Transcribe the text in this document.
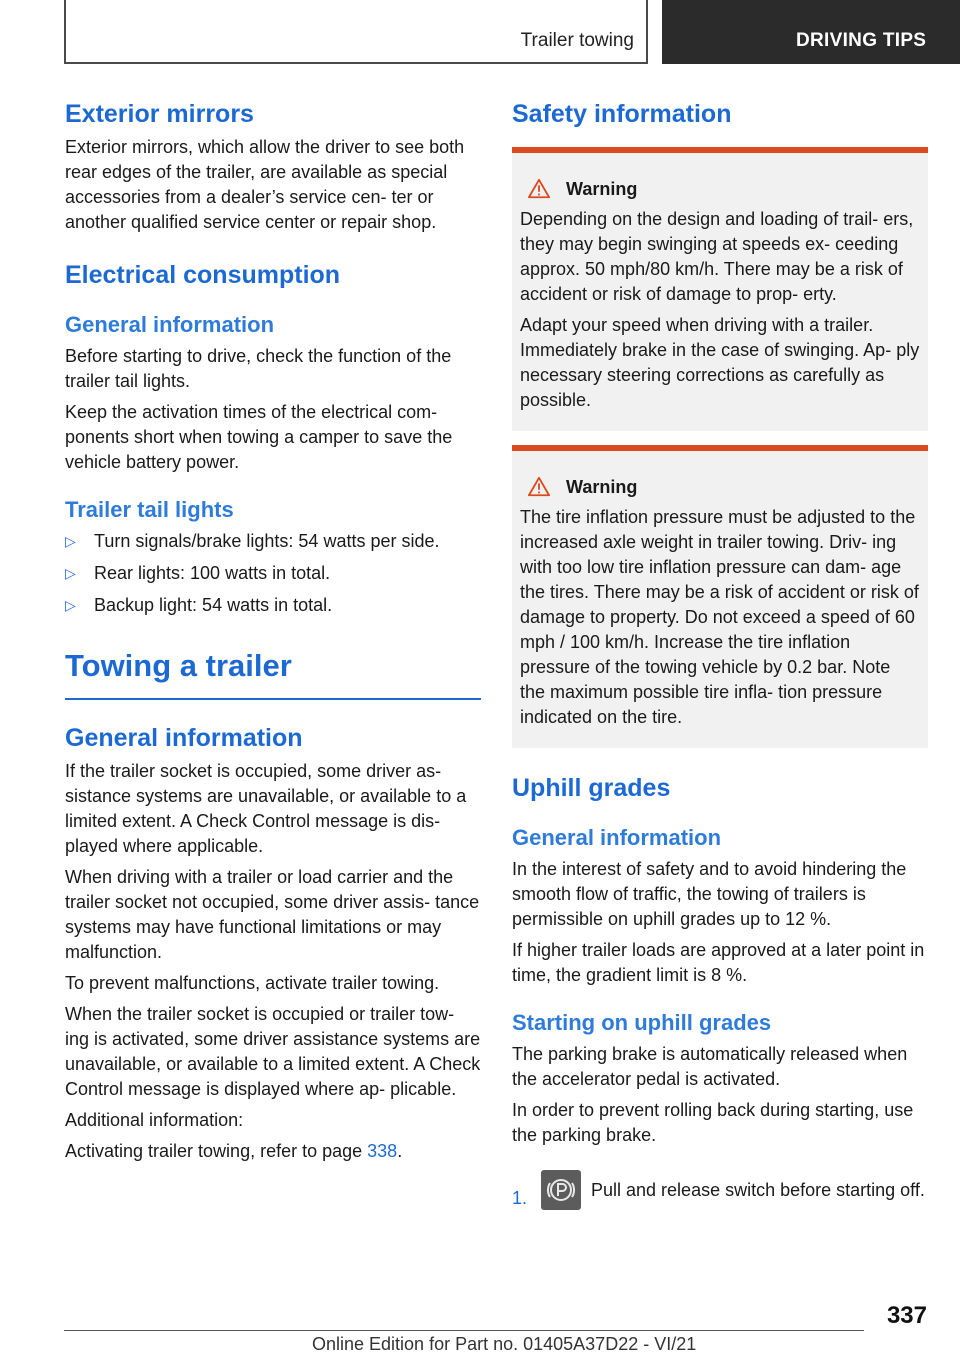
Trailer towing	DRIVING TIPS
Exterior mirrors

Exterior mirrors, which allow the driver to see both rear edges of the trailer, are available as special accessories from a dealer’s service cen- ter or another qualified service center or repair shop.

Electrical consumption
General information

Before starting to drive, check the function of the trailer tail lights.

Keep the activation times of the electrical com- ponents short when towing a camper to save the vehicle battery power.

Trailer tail lights
▷ Turn signals/brake lights: 54 watts per side.
▷ Rear lights: 100 watts in total.
▷ Backup light: 54 watts in total.
Towing a trailer
General information

If the trailer socket is occupied, some driver as- sistance systems are unavailable, or available to a limited extent. A Check Control message is dis- played where applicable.

When driving with a trailer or load carrier and the trailer socket not occupied, some driver assis- tance systems may have functional limitations or may malfunction.

To prevent malfunctions, activate trailer towing.

When the trailer socket is occupied or trailer tow- ing is activated, some driver assistance systems are unavailable, or available to a limited extent. A Check Control message is displayed where ap- plicable.

Additional information:

Activating trailer towing, refer to page 338.

Safety information
Warning

Depending on the design and loading of trail- ers, they may begin swinging at speeds ex- ceeding approx. 50 mph/80 km/h. There may be a risk of accident or risk of damage to prop- erty.

Adapt your speed when driving with a trailer. Immediately brake in the case of swinging. Ap- ply necessary steering corrections as carefully as possible.

Warning

The tire inflation pressure must be adjusted to the increased axle weight in trailer towing. Driv- ing with too low tire inflation pressure can dam- age the tires. There may be a risk of accident or risk of damage to property. Do not exceed a speed of 60 mph / 100 km/h. Increase the tire inflation pressure of the towing vehicle by 0.2 bar. Note the maximum possible tire infla- tion pressure indicated on the tire.

Uphill grades
General information

In the interest of safety and to avoid hindering the smooth flow of traffic, the towing of trailers is permissible on uphill grades up to 12 %.

If higher trailer loads are approved at a later point in time, the gradient limit is 8 %.

Starting on uphill grades

The parking brake is automatically released when the accelerator pedal is activated.

In order to prevent rolling back during starting, use the parking brake.

1.	Pull and release switch before starting off.
337
Online Edition for Part no. 01405A37D22 - VI/21
